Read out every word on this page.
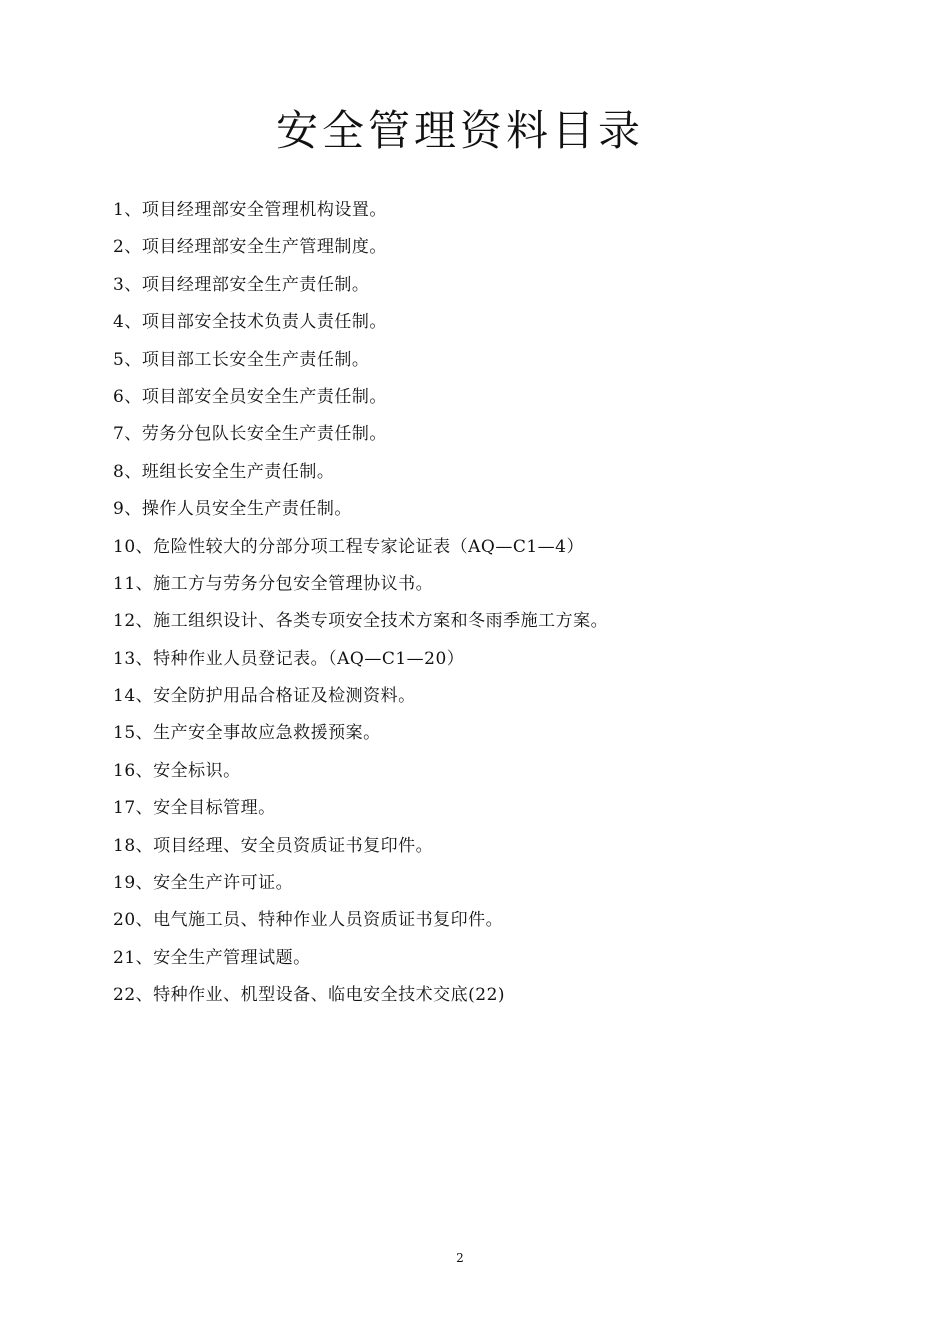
安全管理资料目录
1、项目经理部安全管理机构设置。
2、项目经理部安全生产管理制度。
3、项目经理部安全生产责任制。
4、项目部安全技术负责人责任制。
5、项目部工长安全生产责任制。
6、项目部安全员安全生产责任制。
7、劳务分包队长安全生产责任制。
8、班组长安全生产责任制。
9、操作人员安全生产责任制。
10、危险性较大的分部分项工程专家论证表（AQ—C1—4）
11、施工方与劳务分包安全管理协议书。
12、施工组织设计、各类专项安全技术方案和冬雨季施工方案。
13、特种作业人员登记表。（AQ—C1—20）
14、安全防护用品合格证及检测资料。
15、生产安全事故应急救援预案。
16、安全标识。
17、安全目标管理。
18、项目经理、安全员资质证书复印件。
19、安全生产许可证。
20、电气施工员、特种作业人员资质证书复印件。
21、安全生产管理试题。
22、特种作业、机型设备、临电安全技术交底(22)
2
